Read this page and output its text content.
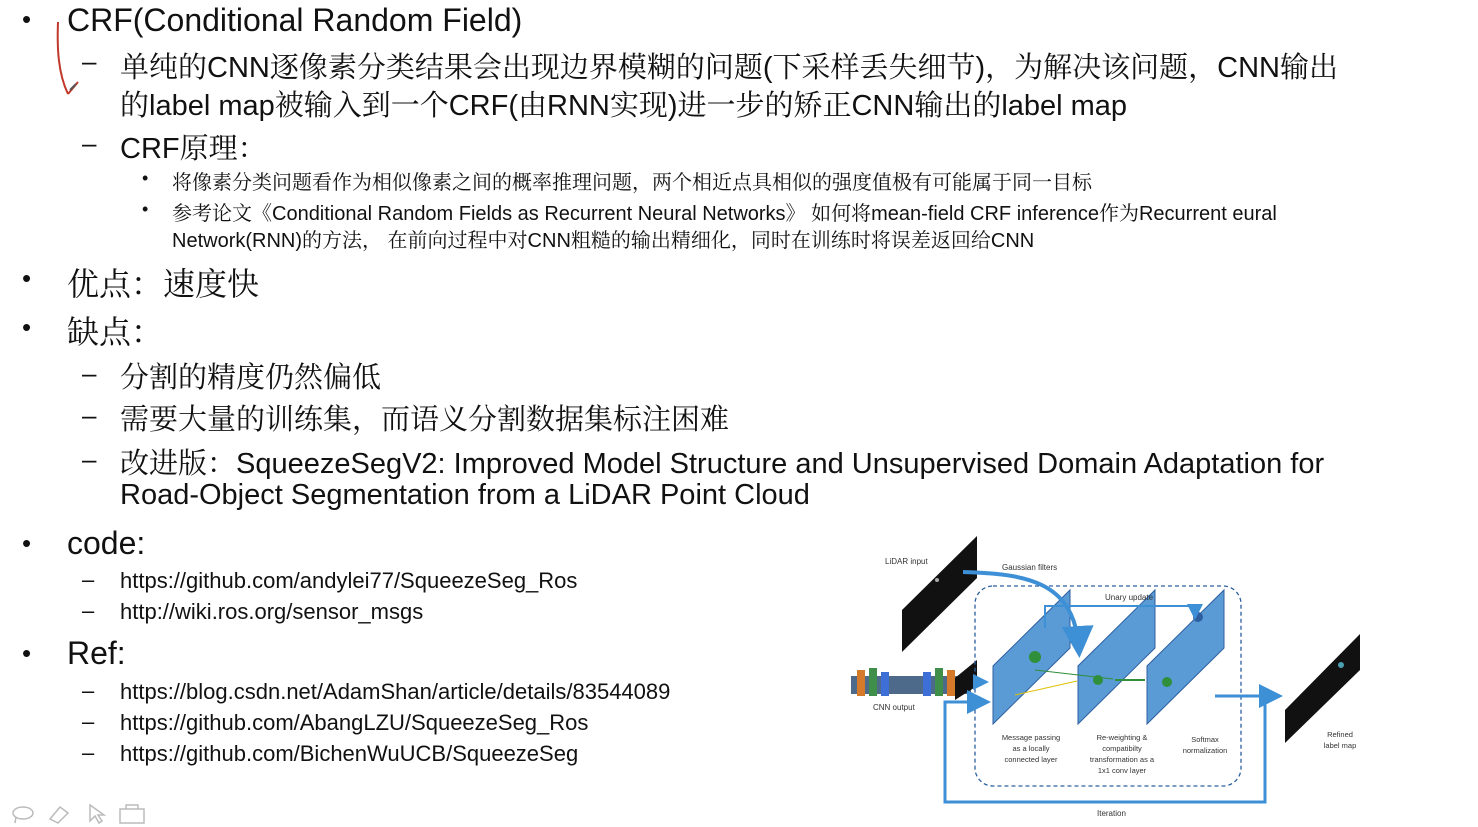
• CRF(Conditional Random Field)
– 单纯的CNN逐像素分类结果会出现边界模糊的问题(下采样丢失细节)，为解决该问题，CNN输出
的label map被输入到一个CRF(由RNN实现)进一步的矫正CNN输出的label map
– CRF原理：
• 将像素分类问题看作为相似像素之间的概率推理问题，两个相近点具相似的强度值极有可能属于同一目标
• 参考论文《Conditional Random Fields as Recurrent Neural Networks》 如何将mean-field CRF inference作为Recurrent eural
Network(RNN)的方法， 在前向过程中对CNN粗糙的输出精细化，同时在训练时将误差返回给CNN
• 优点：速度快
• 缺点：
– 分割的精度仍然偏低
– 需要大量的训练集，而语义分割数据集标注困难
– 改进版：SqueezeSegV2: Improved Model Structure and Unsupervised Domain Adaptation for
Road-Object Segmentation from a LiDAR Point Cloud
• code:
– https://github.com/andylei77/SqueezeSeg_Ros
– http://wiki.ros.org/sensor_msgs
• Ref:
– https://blog.csdn.net/AdamShan/article/details/83544089
– https://github.com/AbangLZU/SqueezeSeg_Ros
– https://github.com/BichenWuUCB/SqueezeSeg
LiDAR input
CNN output
Gaussian filters
Unary update
Message passing
as a locally
connected layer
Re-weighting &
compatibilty
transformation as a
1x1 conv layer
Softmax
normalization
Refined
label map
Iteration
